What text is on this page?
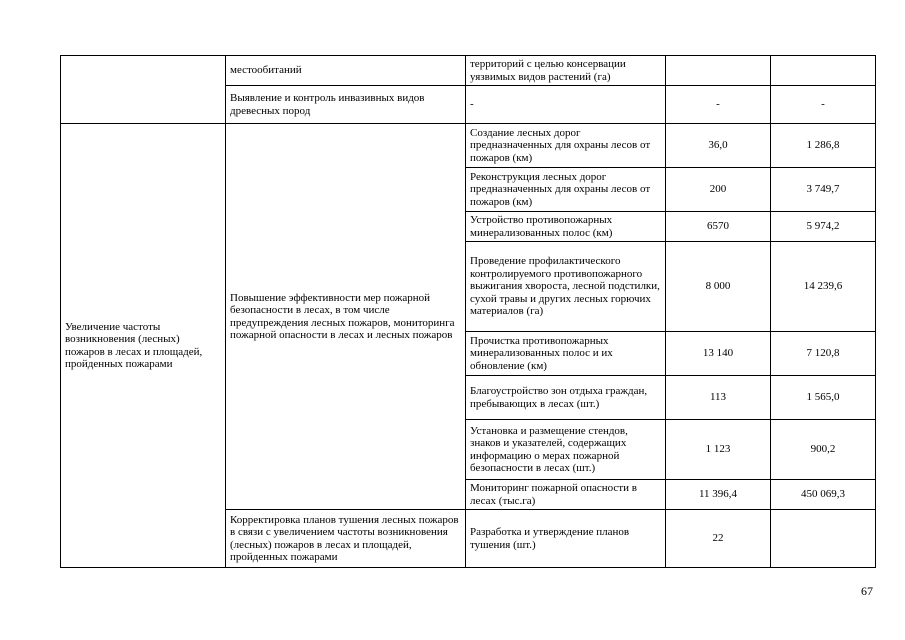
	местообитаний	территорий с целью консервации уязвимых видов растений (га)		
	Выявление и контроль инвазивных видов древесных пород	-	-	-
Увеличение частоты возникновения (лесных) пожаров в лесах и площадей, пройденных пожарами	Повышение эффективности мер пожарной безопасности в лесах, в том числе предупреждения лесных пожаров, мониторинга пожарной опасности в лесах и лесных пожаров	Создание лесных дорог предназначенных для охраны лесов от пожаров (км)	36,0	1 286,8
		Реконструкция лесных дорог предназначенных для охраны лесов от пожаров (км)	200	3 749,7
		Устройство противопожарных минерализованных полос (км)	6570	5 974,2
		Проведение профилактического контролируемого противопожарного выжигания хвороста, лесной подстилки, сухой травы и других лесных горючих материалов (га)	8 000	14 239,6
		Прочистка противопожарных минерализованных полос и их обновление (км)	13 140	7 120,8
		Благоустройство зон отдыха граждан, пребывающих в лесах (шт.)	113	1 565,0
		Установка и размещение стендов, знаков и указателей, содержащих информацию о мерах пожарной безопасности в лесах (шт.)	1 123	900,2
		Мониторинг пожарной опасности в лесах (тыс.га)	11 396,4	450 069,3
	Корректировка планов тушения лесных пожаров в связи с увеличением частоты возникновения (лесных) пожаров в лесах и площадей, пройденных пожарами	Разработка и утверждение планов тушения (шт.)	22	
67
